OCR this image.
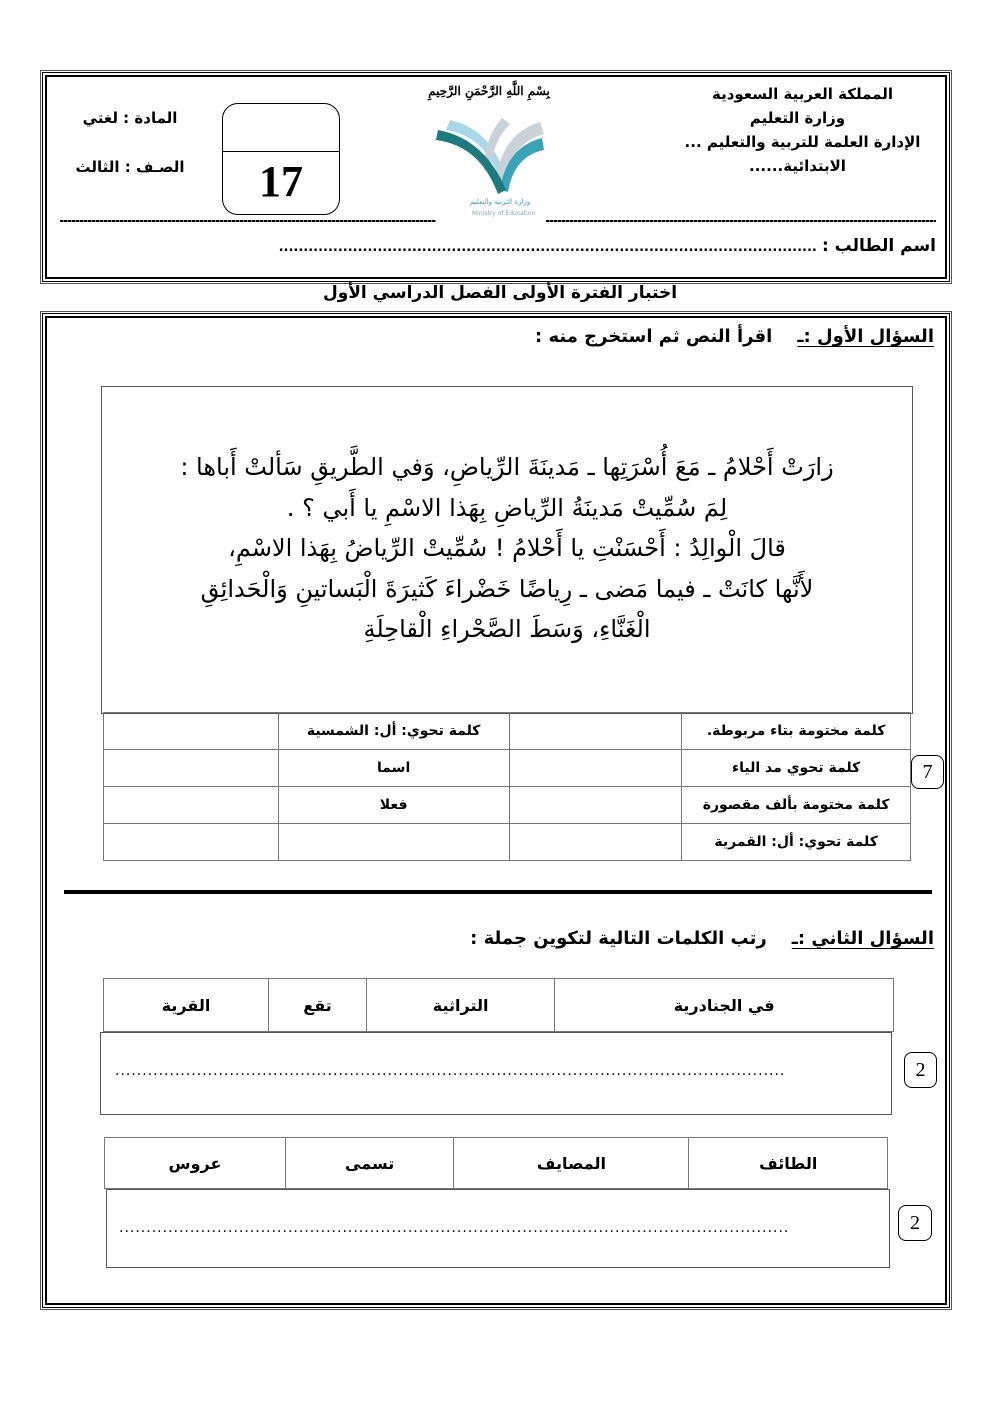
المملكة العربية السعودية
وزارة التعليم
الإدارة العلمة للتربية والتعليم ...
الابتدائية......
بِسْمِ اللَّهِ الرَّحْمَنِ الرَّحِيمِ
وزارة التربية والتعليم
Ministry of Education
17
المادة : لغتي
الصـف : الثالث
اسم الطالب : .............................................................................................................
اختبار الفترة الأولى الفصل الدراسي الأول
السؤال الأول :ـ    اقرأ النص ثم استخرج منه :
زارَتْ أَحْلامُ ـ مَعَ أُسْرَتِها ـ مَدينَةَ الرِّياضِ، وَفي الطَّريقِ سَألتْ أَباها :
لِمَ سُمِّيتْ مَدينَةُ الرِّياضِ بِهَذا الاسْمِ يا أَبي ؟ .
قالَ الْوالِدُ : أَحْسَنْتِ يا أَحْلامُ ! سُمِّيتْ الرِّياضُ بِهَذا الاسْمِ،
لأَنَّها كانَتْ ـ فيما مَضى ـ رِياضًا خَضْراءَ كَثيرَةَ الْبَساتينِ وَالْحَدائِقِ
الْغَنَّاءِ، وَسَطَ الصَّحْراءِ الْقاحِلَةِ
كلمة مختومة بتاء مربوطة.		كلمة تحوي: أل: الشمسية	
كلمة تحوي مد الياء		اسما	
كلمة مختومة بألف مقصورة		فعلا	
كلمة تحوي: أل: القمرية			
7
السؤال الثاني :ـ    رتب الكلمات التالية لتكوين جملة :
في الجنادرية	التراثية	تقع	القرية
...........................................................................................................................	2
الطائف	المصايف	تسمى	عروس
...........................................................................................................................	2
